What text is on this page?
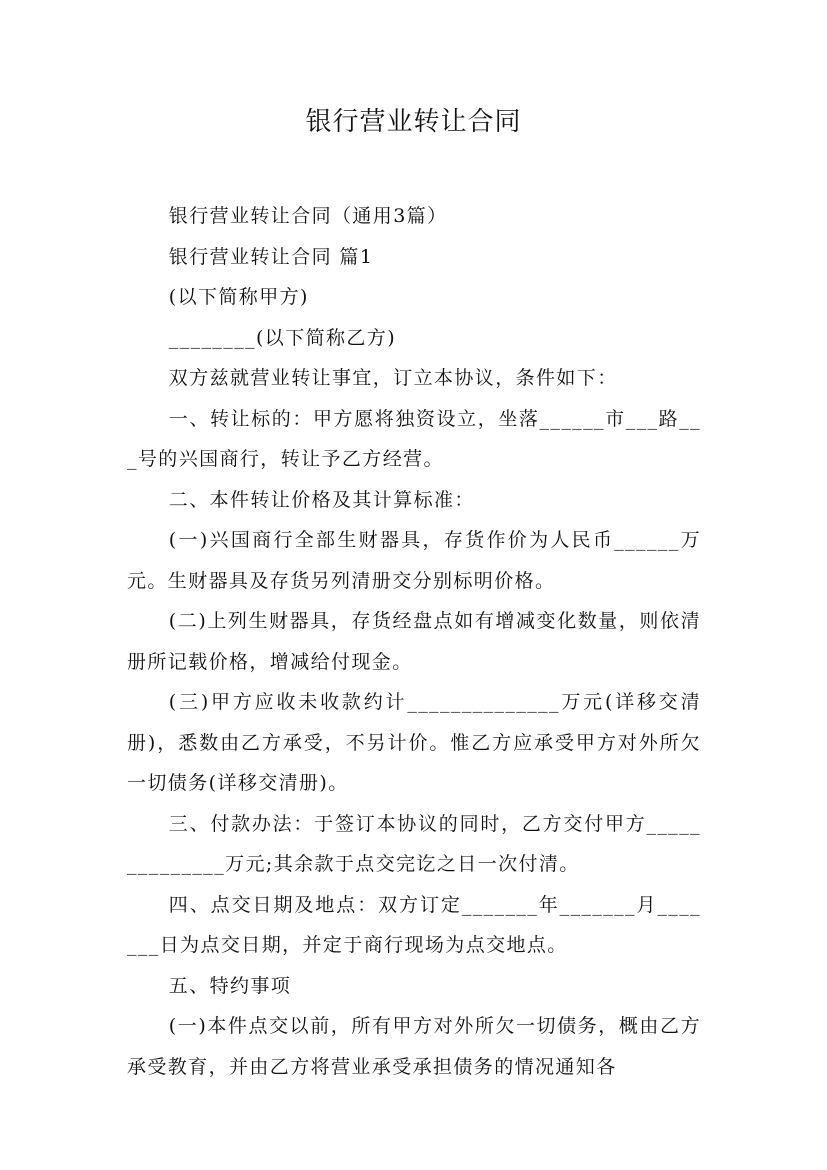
银行营业转让合同

银行营业转让合同（通用3篇）

银行营业转让合同 篇1

(以下简称甲方)

________(以下简称乙方)

双方兹就营业转让事宜，订立本协议，条件如下：

一、转让标的：甲方愿将独资设立，坐落______市___路___号的兴国商行，转让予乙方经营。

二、本件转让价格及其计算标准：

(一)兴国商行全部生财器具，存货作价为人民币______万元。生财器具及存货另列清册交分别标明价格。

(二)上列生财器具，存货经盘点如有增减变化数量，则依清册所记载价格，增减给付现金。

(三)甲方应收未收款约计______________万元(详移交清册)，悉数由乙方承受，不另计价。惟乙方应承受甲方对外所欠一切债务(详移交清册)。

三、付款办法：于签订本协议的同时，乙方交付甲方______________万元;其余款于点交完讫之日一次付清。

四、点交日期及地点：双方订定_______年_______月_______日为点交日期，并定于商行现场为点交地点。

五、特约事项

(一)本件点交以前，所有甲方对外所欠一切债务，概由乙方承受教育，并由乙方将营业承受承担债务的情况通知各
